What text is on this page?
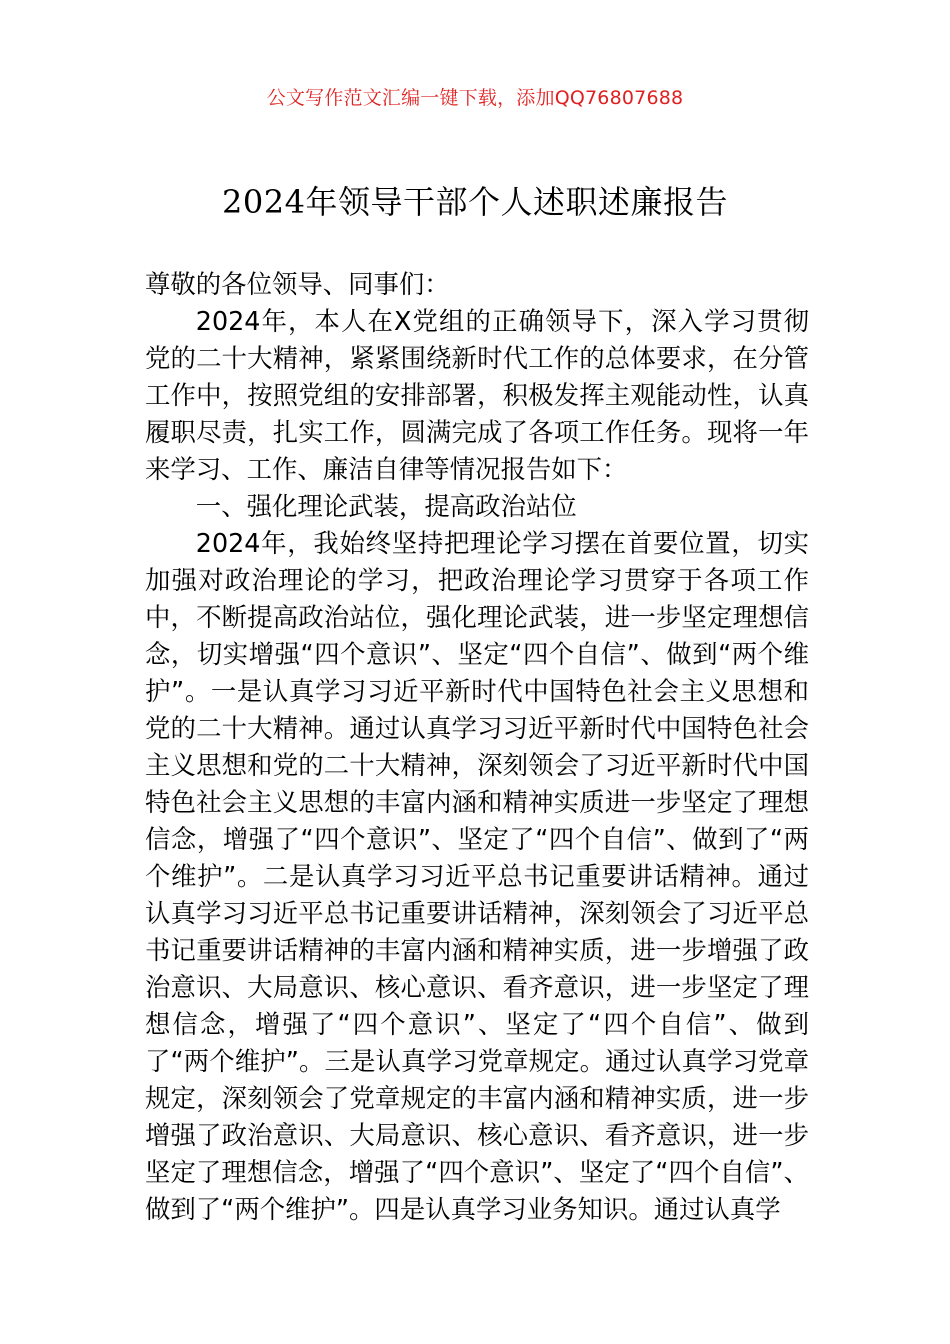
公文写作范文汇编一键下载，添加QQ76807688
2024年领导干部个人述职述廉报告

尊敬的各位领导、同事们：

2024年，本人在X党组的正确领导下，深入学习贯彻党的二十大精神，紧紧围绕新时代工作的总体要求，在分管工作中，按照党组的安排部署，积极发挥主观能动性，认真履职尽责，扎实工作，圆满完成了各项工作任务。现将一年来学习、工作、廉洁自律等情况报告如下：

一、强化理论武装，提高政治站位

2024年，我始终坚持把理论学习摆在首要位置，切实加强对政治理论的学习，把政治理论学习贯穿于各项工作中，不断提高政治站位，强化理论武装，进一步坚定理想信念，切实增强“四个意识”、坚定“四个自信”、做到“两个维护”。一是认真学习习近平新时代中国特色社会主义思想和党的二十大精神。通过认真学习习近平新时代中国特色社会主义思想和党的二十大精神，深刻领会了习近平新时代中国特色社会主义思想的丰富内涵和精神实质进一步坚定了理想信念，增强了“四个意识”、坚定了“四个自信”、做到了“两个维护”。二是认真学习习近平总书记重要讲话精神。通过认真学习习近平总书记重要讲话精神，深刻领会了习近平总书记重要讲话精神的丰富内涵和精神实质，进一步增强了政治意识、大局意识、核心意识、看齐意识，进一步坚定了理想信念，增强了“四个意识”、坚定了“四个自信”、做到了“两个维护”。三是认真学习党章规定。通过认真学习党章规定，深刻领会了党章规定的丰富内涵和精神实质，进一步增强了政治意识、大局意识、核心意识、看齐意识，进一步坚定了理想信念，增强了“四个意识”、坚定了“四个自信”、做到了“两个维护”。四是认真学习业务知识。通过认真学
